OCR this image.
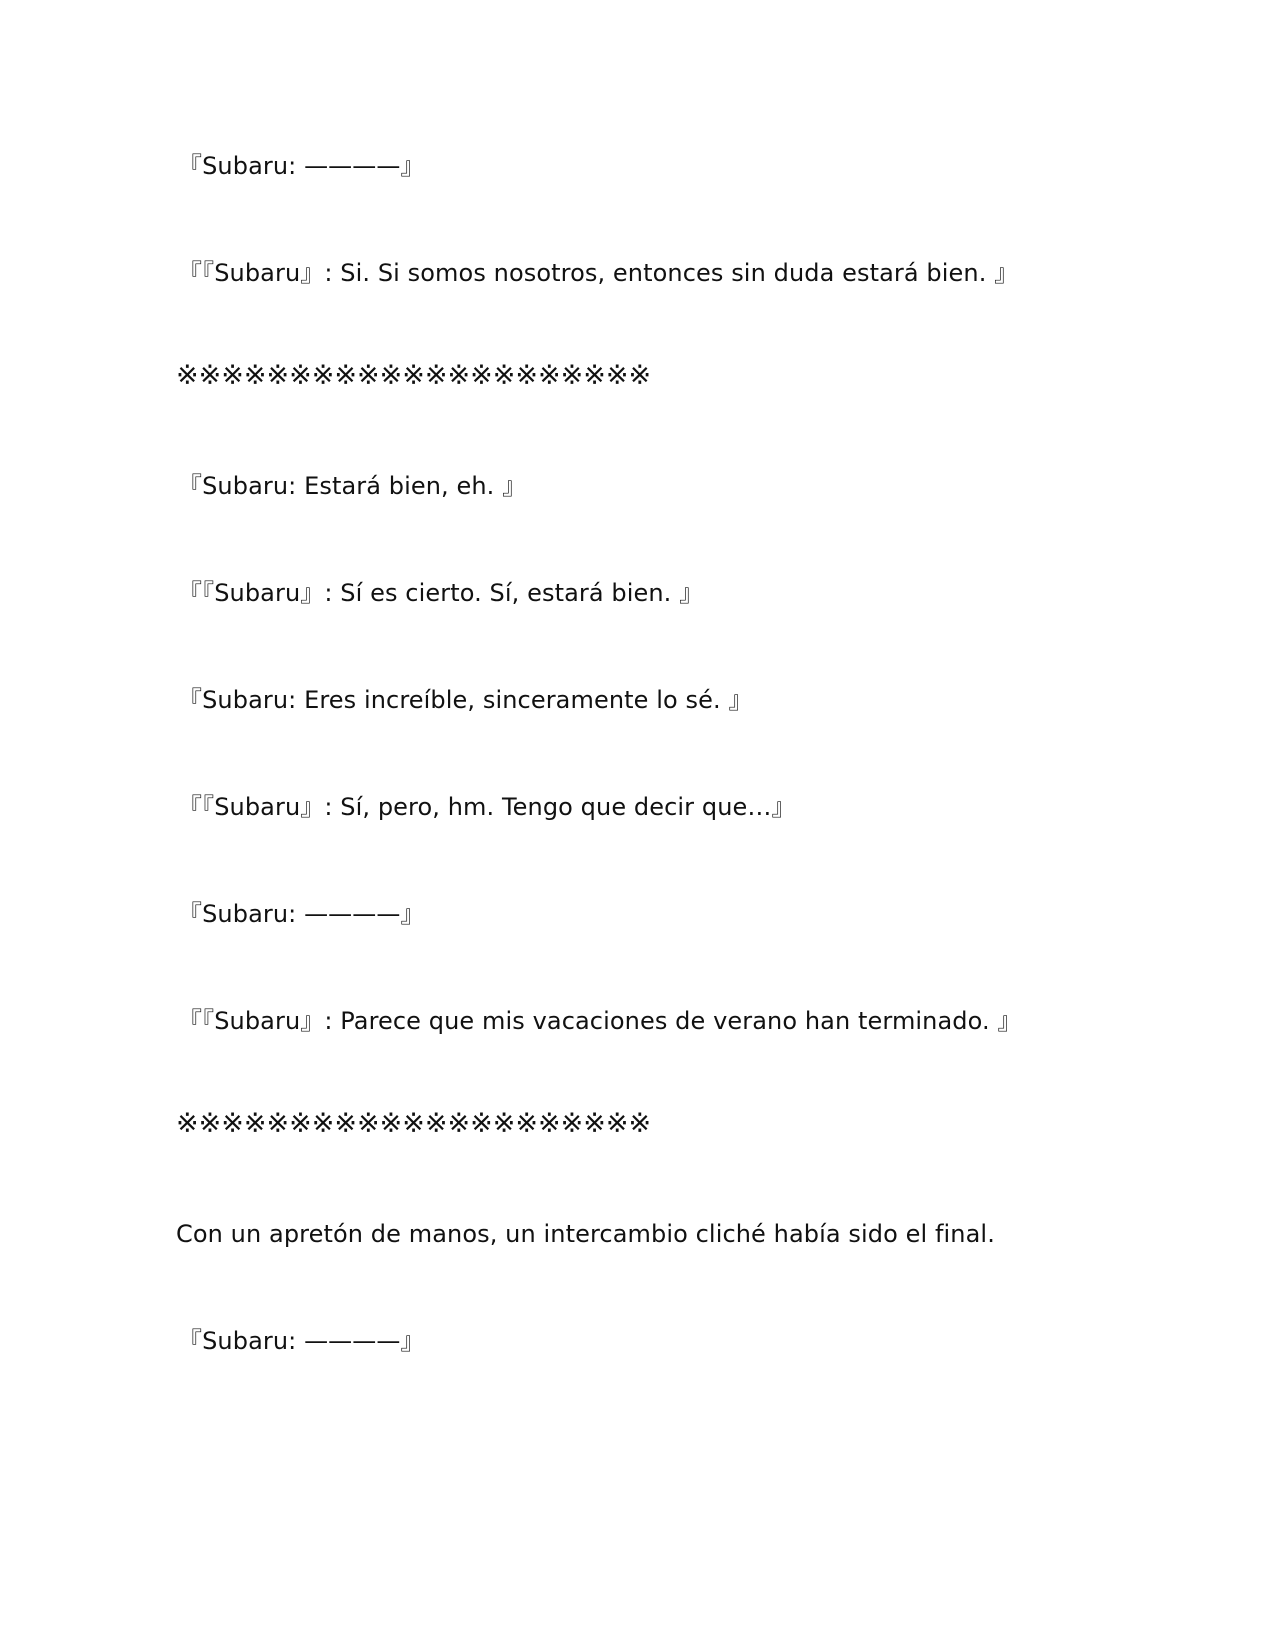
『Subaru: ————』
『『Subaru』: Si. Si somos nosotros, entonces sin duda estará bien. 』
※※※※※※※※※※※※※※※※※※※※※
『Subaru: Estará bien, eh. 』
『『Subaru』: Sí es cierto. Sí, estará bien. 』
『Subaru: Eres increíble, sinceramente lo sé. 』
『『Subaru』: Sí, pero, hm. Tengo que decir que…』
『Subaru: ————』
『『Subaru』: Parece que mis vacaciones de verano han terminado. 』
※※※※※※※※※※※※※※※※※※※※※
Con un apretón de manos, un intercambio cliché había sido el final.
『Subaru: ————』
